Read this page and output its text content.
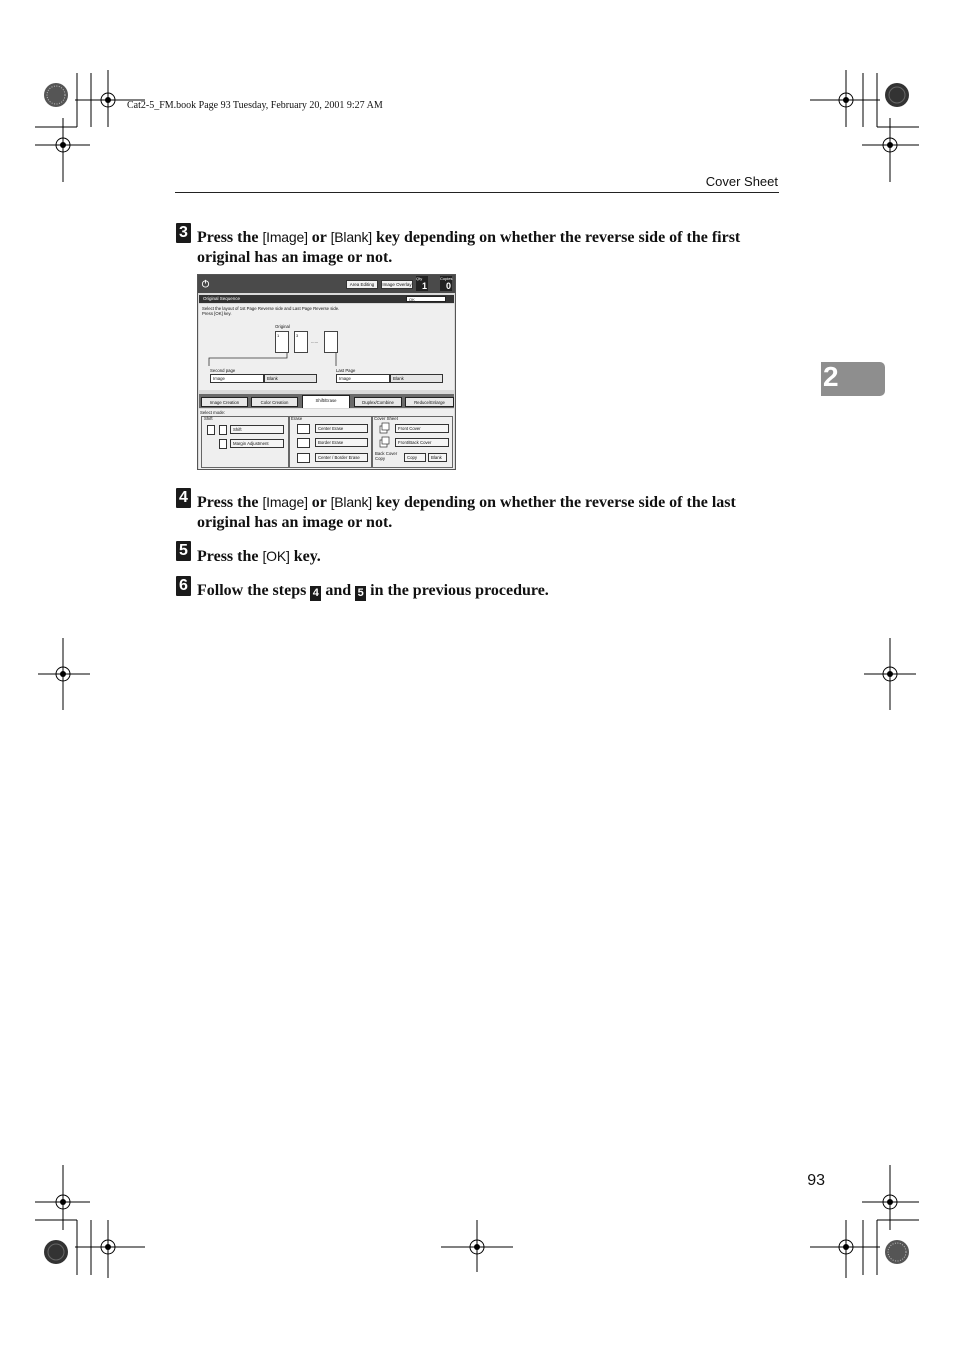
Cat2-5_FM.book Page 93 Tuesday, February 20, 2001 9:27 AM
Cover Sheet
2
3 Press the [Image] or [Blank] key depending on whether the reverse side of the first original has an image or not.
Area Editing	Image Overlay
Qty
1
Copies
0
Original Sequence	OK
Select the layout of 1st Page Reverse side and Last Page Reverse side.
Press [OK] key.
Original
1	3
......
Second page
Image	Blank
Last Page
Image	Blank
Image Creation	Color Creation	Shift/Erase	Duplex/Combine	Reduce/Enlarge
Select mode:
Shift
Shift
Margin Adjustment
Erase
Center Erase
Border Erase
Center / Border Erase
Cover Sheet
Front Cover
Front/Back Cover
Back Cover
Copy	Copy	Blank
4 Press the [Image] or [Blank] key depending on whether the reverse side of the last original has an image or not.
5 Press the [OK] key.
6 Follow the steps 4 and 5 in the previous procedure.
93
